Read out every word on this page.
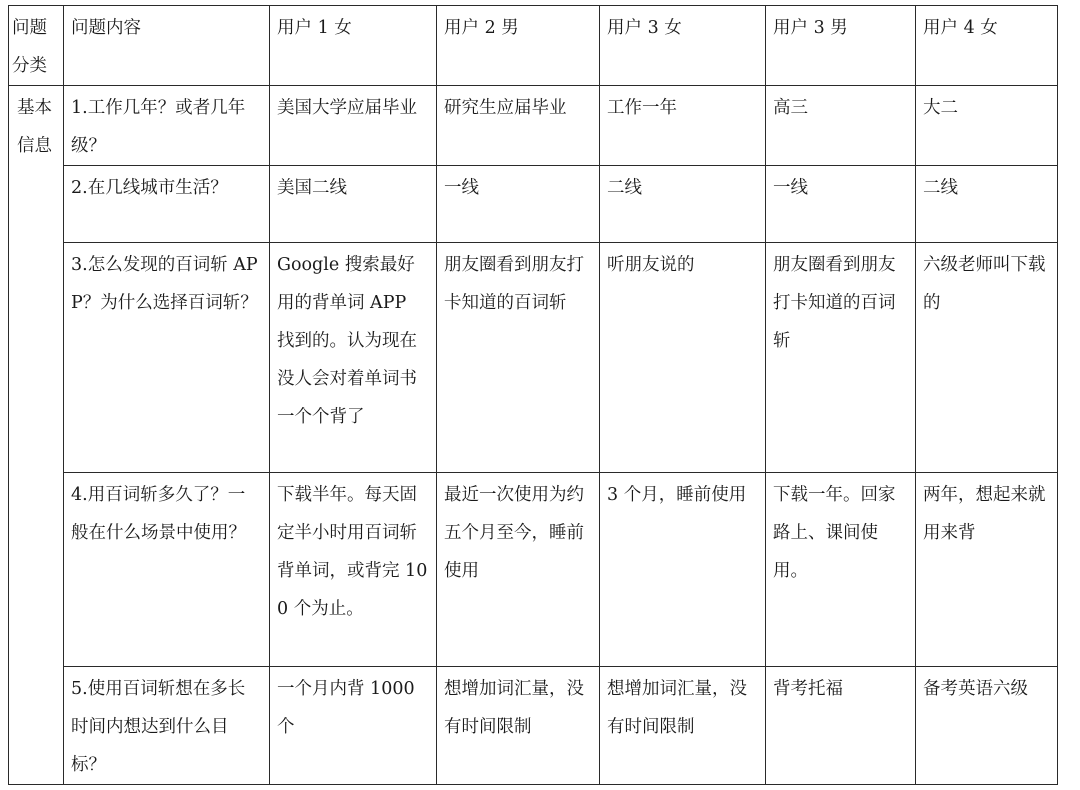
问题分类	问题内容	用户 1 女	用户 2 男	用户 3 女	用户 3 男	用户 4 女

基本信息	1.工作几年？或者几年级？	美国大学应届毕业	研究生应届毕业	工作一年	高三	大二

	2.在几线城市生活？	美国二线	一线	二线	一线	二线

	3.怎么发现的百词斩 APP？为什么选择百词斩？	Google 搜索最好用的背单词 APP 找到的。认为现在没人会对着单词书一个个背了	朋友圈看到朋友打卡知道的百词斩	听朋友说的	朋友圈看到朋友打卡知道的百词斩	六级老师叫下载的

	4.用百词斩多久了？一般在什么场景中使用？	下载半年。每天固定半小时用百词斩背单词，或背完 100 个为止。	最近一次使用为约五个月至今，睡前使用	3 个月，睡前使用	下载一年。回家路上、课间使用。	两年，想起来就用来背

	5.使用百词斩想在多长时间内想达到什么目标？	一个月内背 1000 个	想增加词汇量，没有时间限制	想增加词汇量，没有时间限制	背考托福	备考英语六级
